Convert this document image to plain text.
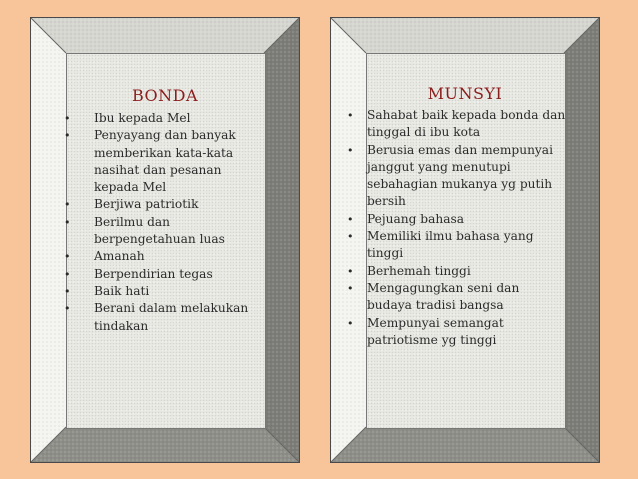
BONDA
• Ibu kepada Mel
• Penyayang dan banyak memberikan kata-kata nasihat dan pesanan kepada Mel
• Berjiwa patriotik
• Berilmu dan berpengetahuan luas
• Amanah
• Berpendirian tegas
• Baik hati
• Berani dalam melakukan tindakan
MUNSYI
• Sahabat baik kepada bonda dan tinggal di ibu kota
• Berusia emas dan mempunyai janggut yang menutupi sebahagian mukanya yg putih bersih
• Pejuang bahasa
• Memiliki ilmu bahasa yang tinggi
• Berhemah tinggi
• Mengagungkan seni dan budaya tradisi bangsa
• Mempunyai semangat patriotisme yg tinggi
